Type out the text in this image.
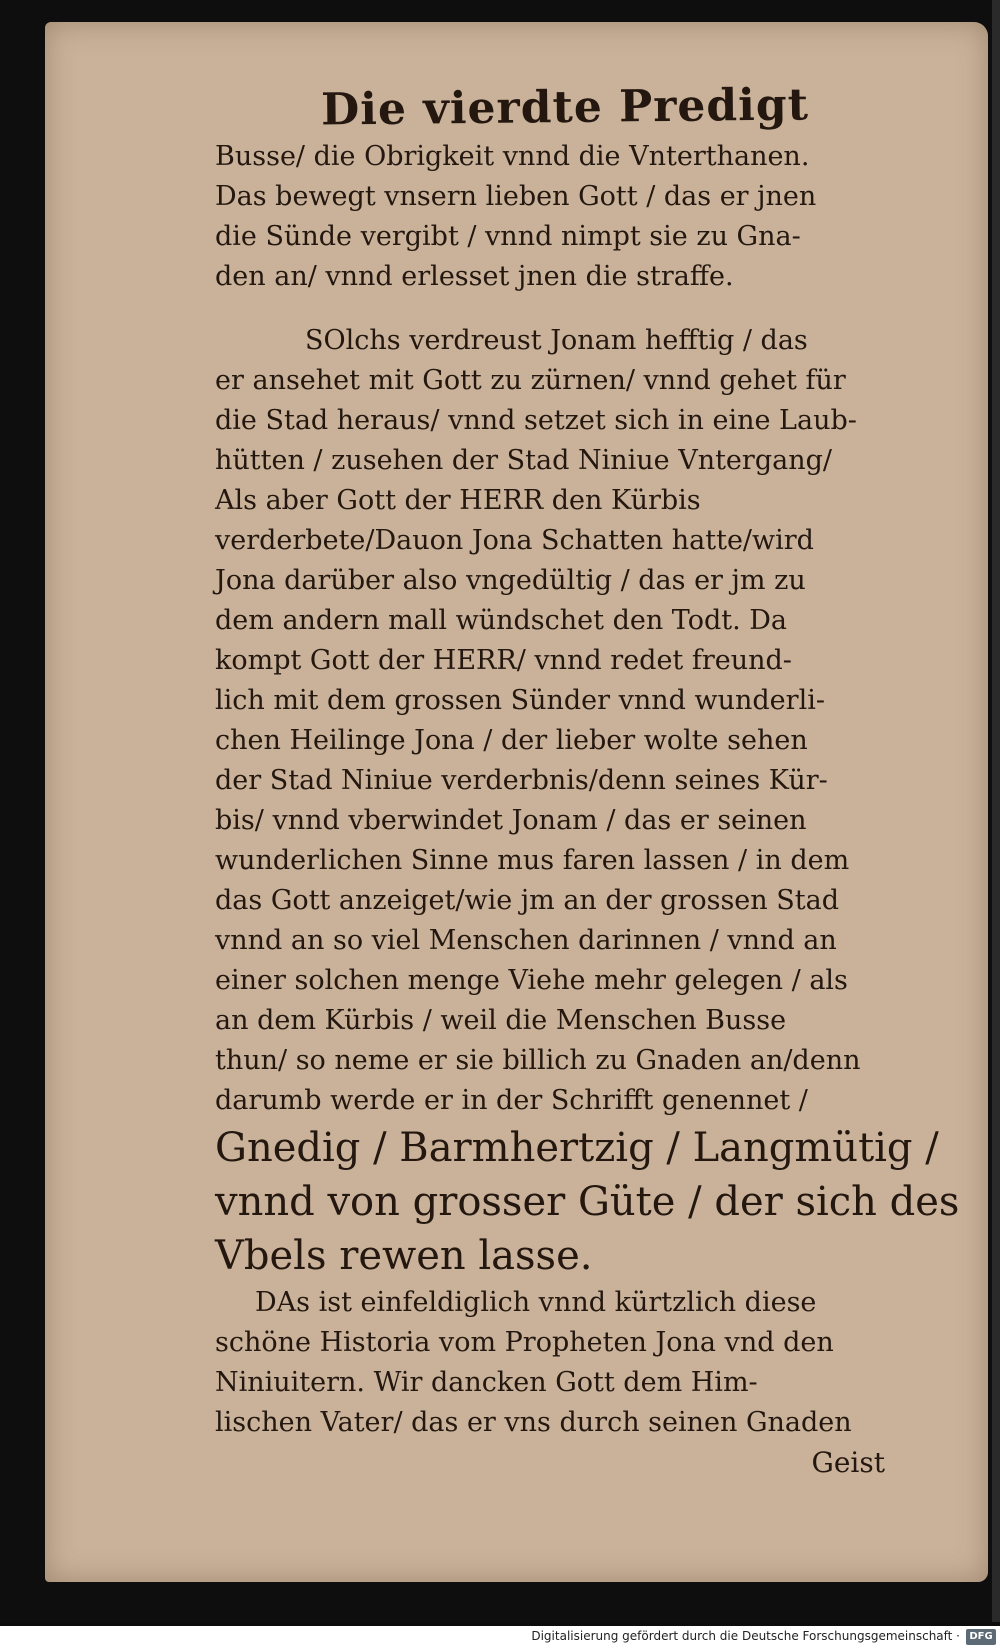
Die vierdte Predigt
Busse/ die Obrigkeit vnnd die Vnterthanen.
Das bewegt vnsern lieben Gott / das er jnen
die Sünde vergibt / vnnd nimpt sie zu Gna-
den an/ vnnd erlesset jnen die straffe.
SOlchs verdreust Jonam hefftig / das
er ansehet mit Gott zu zürnen/ vnnd gehet für
die Stad heraus/ vnnd setzet sich in eine Laub-
hütten / zusehen der Stad Niniue Vntergang/
Als aber Gott der HERR den Kürbis
verderbete/Dauon Jona Schatten hatte/wird
Jona darüber also vngedültig / das er jm zu
dem andern mall wündschet den Todt. Da
kompt Gott der HERR/ vnnd redet freund-
lich mit dem grossen Sünder vnnd wunderli-
chen Heilinge Jona / der lieber wolte sehen
der Stad Niniue verderbnis/denn seines Kür-
bis/ vnnd vberwindet Jonam / das er seinen
wunderlichen Sinne mus faren lassen / in dem
das Gott anzeiget/wie jm an der grossen Stad
vnnd an so viel Menschen darinnen / vnnd an
einer solchen menge Viehe mehr gelegen / als
an dem Kürbis / weil die Menschen Busse
thun/ so neme er sie billich zu Gnaden an/denn
darumb werde er in der Schrifft genennet /
Gnedig / Barmhertzig / Langmütig /
vnnd von grosser Güte / der sich des
Vbels rewen lasse.
DAs ist einfeldiglich vnnd kürtzlich diese
schöne Historia vom Propheten Jona vnd den
Niniuitern. Wir dancken Gott dem Him-
lischen Vater/ das er vns durch seinen Gnaden
Geist
Digitalisierung gefördert durch die Deutsche Forschungsgemeinschaft · DFG
